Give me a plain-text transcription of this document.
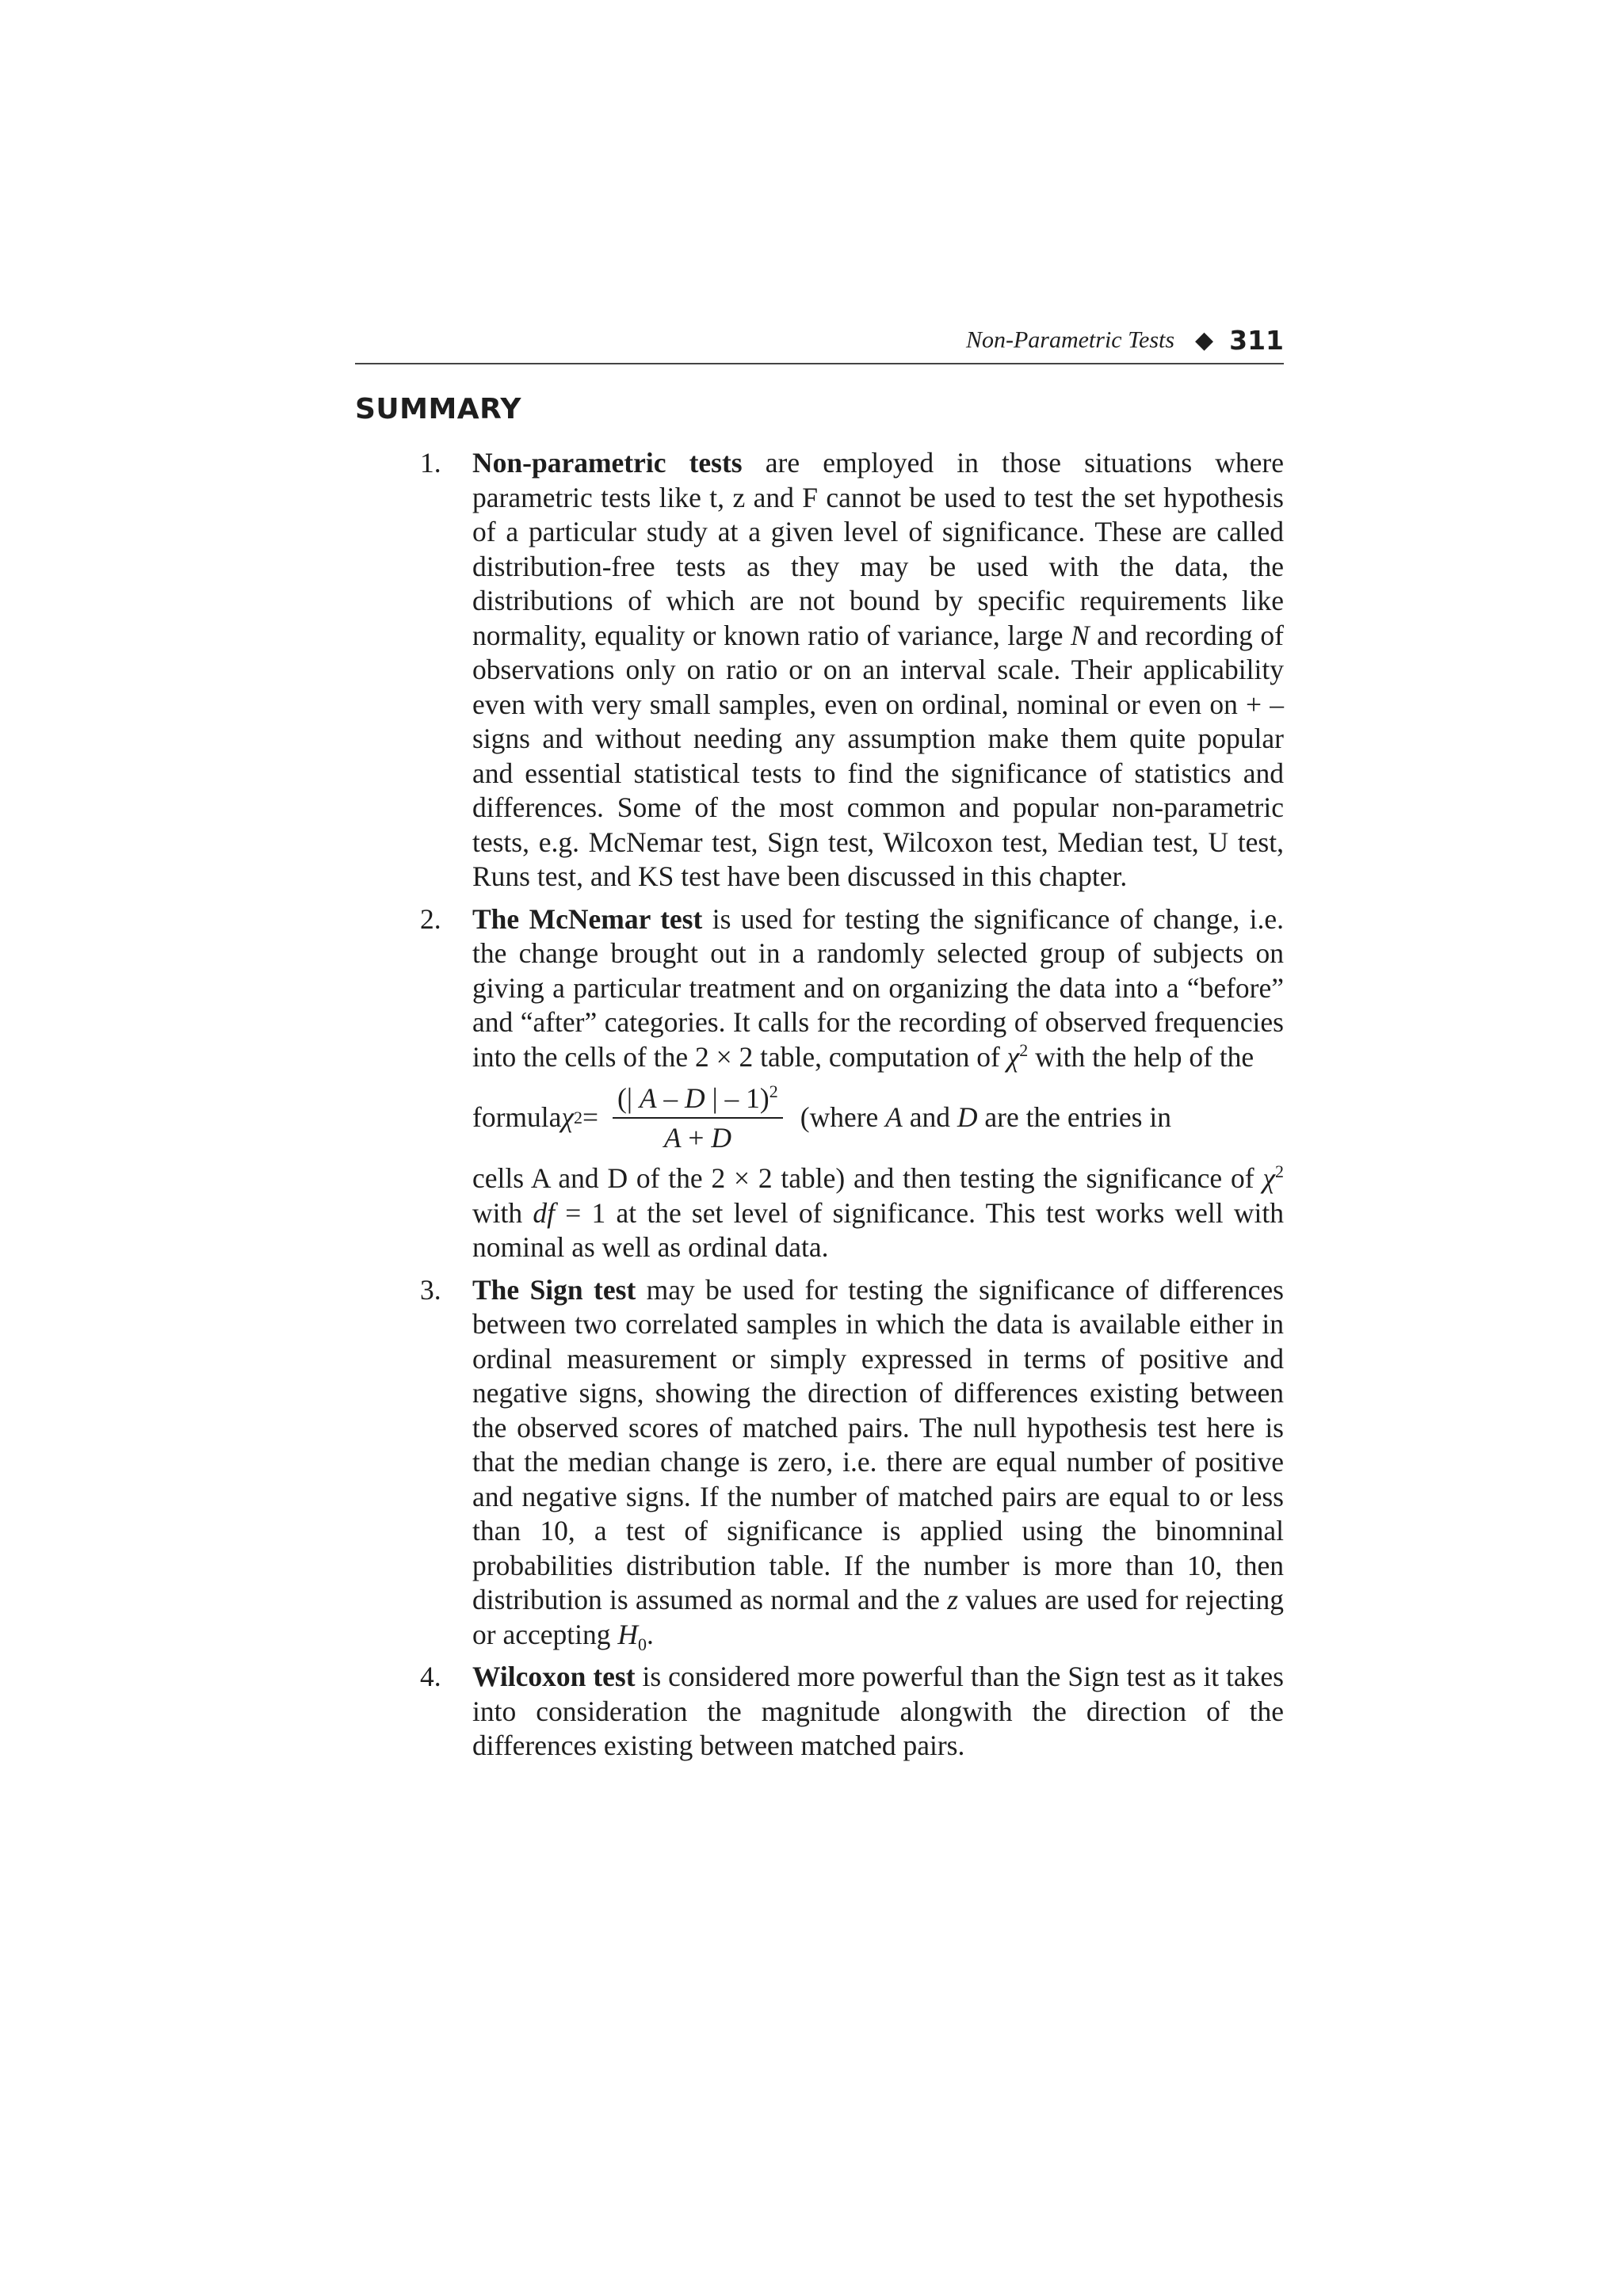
Non-Parametric Tests ◆ 311
SUMMARY
1. Non-parametric tests are employed in those situations where parametric tests like t, z and F cannot be used to test the set hypothesis of a particular study at a given level of significance. These are called distribution-free tests as they may be used with the data, the distributions of which are not bound by specific requirements like normality, equality or known ratio of variance, large N and recording of observations only on ratio or on an interval scale. Their applicability even with very small samples, even on ordinal, nominal or even on + – signs and without needing any assumption make them quite popular and essential statistical tests to find the significance of statistics and differences. Some of the most common and popular non-parametric tests, e.g. McNemar test, Sign test, Wilcoxon test, Median test, U test, Runs test, and KS test have been discussed in this chapter.
2. The McNemar test is used for testing the significance of change, i.e. the change brought out in a randomly selected group of subjects on giving a particular treatment and on organizing the data into a “before” and “after” categories. It calls for the recording of observed frequencies into the cells of the 2 × 2 table, computation of $\chi^2$ with the help of the
formula χ $2 = \frac{(| A - D | - 1)^2}{A + D}$ (where A and D are the entries in
cells A and D of the 2 × 2 table) and then testing the significance of $\chi^2$ with df = 1 at the set level of significance. This test works well with nominal as well as ordinal data.
3. The Sign test may be used for testing the significance of differences between two correlated samples in which the data is available either in ordinal measurement or simply expressed in terms of positive and negative signs, showing the direction of differences existing between the observed scores of matched pairs. The null hypothesis test here is that the median change is zero, i.e. there are equal number of positive and negative signs. If the number of matched pairs are equal to or less than 10, a test of significance is applied using the binomninal probabilities distribution table. If the number is more than 10, then distribution is assumed as normal and the z values are used for rejecting or accepting $H_0$.
4. Wilcoxon test is considered more powerful than the Sign test as it takes into consideration the magnitude alongwith the direction of the differences existing between matched pairs.
